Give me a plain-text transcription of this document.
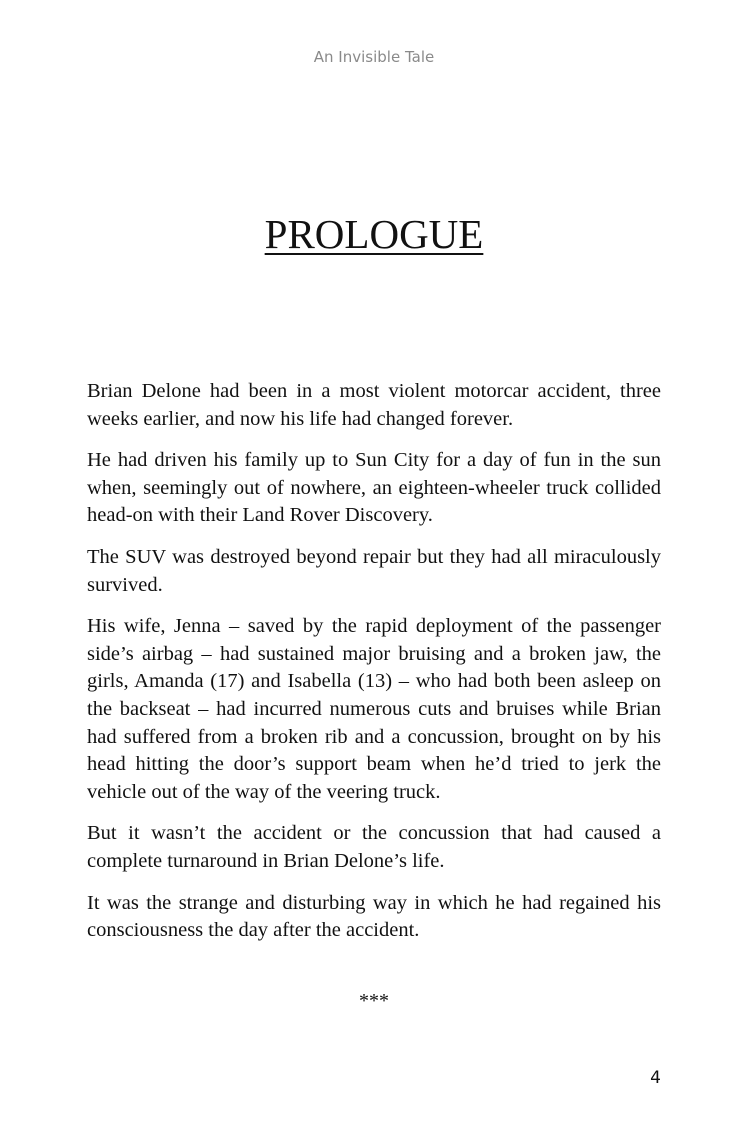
An Invisible Tale
PROLOGUE

Brian Delone had been in a most violent motorcar accident, three weeks earlier, and now his life had changed forever.

He had driven his family up to Sun City for a day of fun in the sun when, seemingly out of nowhere, an eighteen-wheeler truck collided head-on with their Land Rover Discovery.

The SUV was destroyed beyond repair but they had all miraculously survived.

His wife, Jenna – saved by the rapid deployment of the passenger side’s airbag – had sustained major bruising and a broken jaw, the girls, Amanda (17) and Isabella (13) – who had both been asleep on the backseat – had incurred numerous cuts and bruises while Brian had suffered from a broken rib and a concussion, brought on by his head hitting the door’s support beam when he’d tried to jerk the vehicle out of the way of the veering truck.

But it wasn’t the accident or the concussion that had caused a complete turnaround in Brian Delone’s life.

It was the strange and disturbing way in which he had regained his consciousness the day after the accident.

***
4
